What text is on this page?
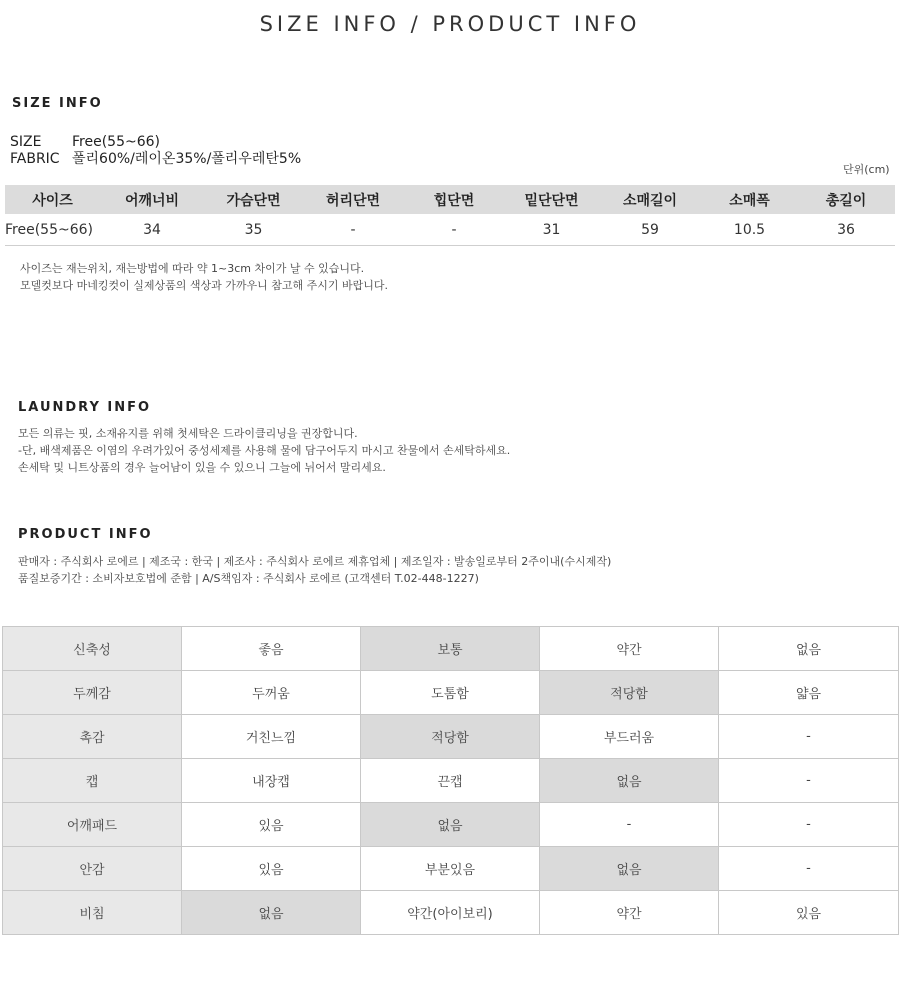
SIZE INFO / PRODUCT INFO
SIZE INFO
SIZE Free(55~66)
FABRIC 폴리60%/레이온35%/폴리우레탄5%
단위(cm)
사이즈	어깨너비	가슴단면	허리단면	힙단면	밑단단면	소매길이	소매폭	총길이
Free(55~66)	34	35	-	-	31	59	10.5	36
사이즈는 재는위치, 재는방법에 따라 약 1~3cm 차이가 날 수 있습니다.
모델컷보다 마네킹컷이 실제상품의 색상과 가까우니 참고해 주시기 바랍니다.
LAUNDRY INFO
모든 의류는 핏, 소재유지를 위해 첫세탁은 드라이클리닝을 권장합니다.
-단, 배색제품은 이염의 우려가있어 중성세제를 사용해 물에 담구어두지 마시고 찬물에서 손세탁하세요.
손세탁 및 니트상품의 경우 늘어남이 있을 수 있으니 그늘에 뉘어서 말리세요.
PRODUCT INFO
판매자 : 주식회사 로에르 | 제조국 : 한국 | 제조사 : 주식회사 로에르 제휴업체 | 제조일자 : 발송일로부터 2주이내(수시제작)
품질보증기간 : 소비자보호법에 준함 | A/S책임자 : 주식회사 로에르 (고객센터 T.02-448-1227)
신축성	좋음	보통	약간	없음
두께감	두꺼움	도톰함	적당함	얇음
촉감	거친느낌	적당함	부드러움	-
캡	내장캡	끈캡	없음	-
어깨패드	있음	없음	-	-
안감	있음	부분있음	없음	-
비침	없음	약간(아이보리)	약간	있음
